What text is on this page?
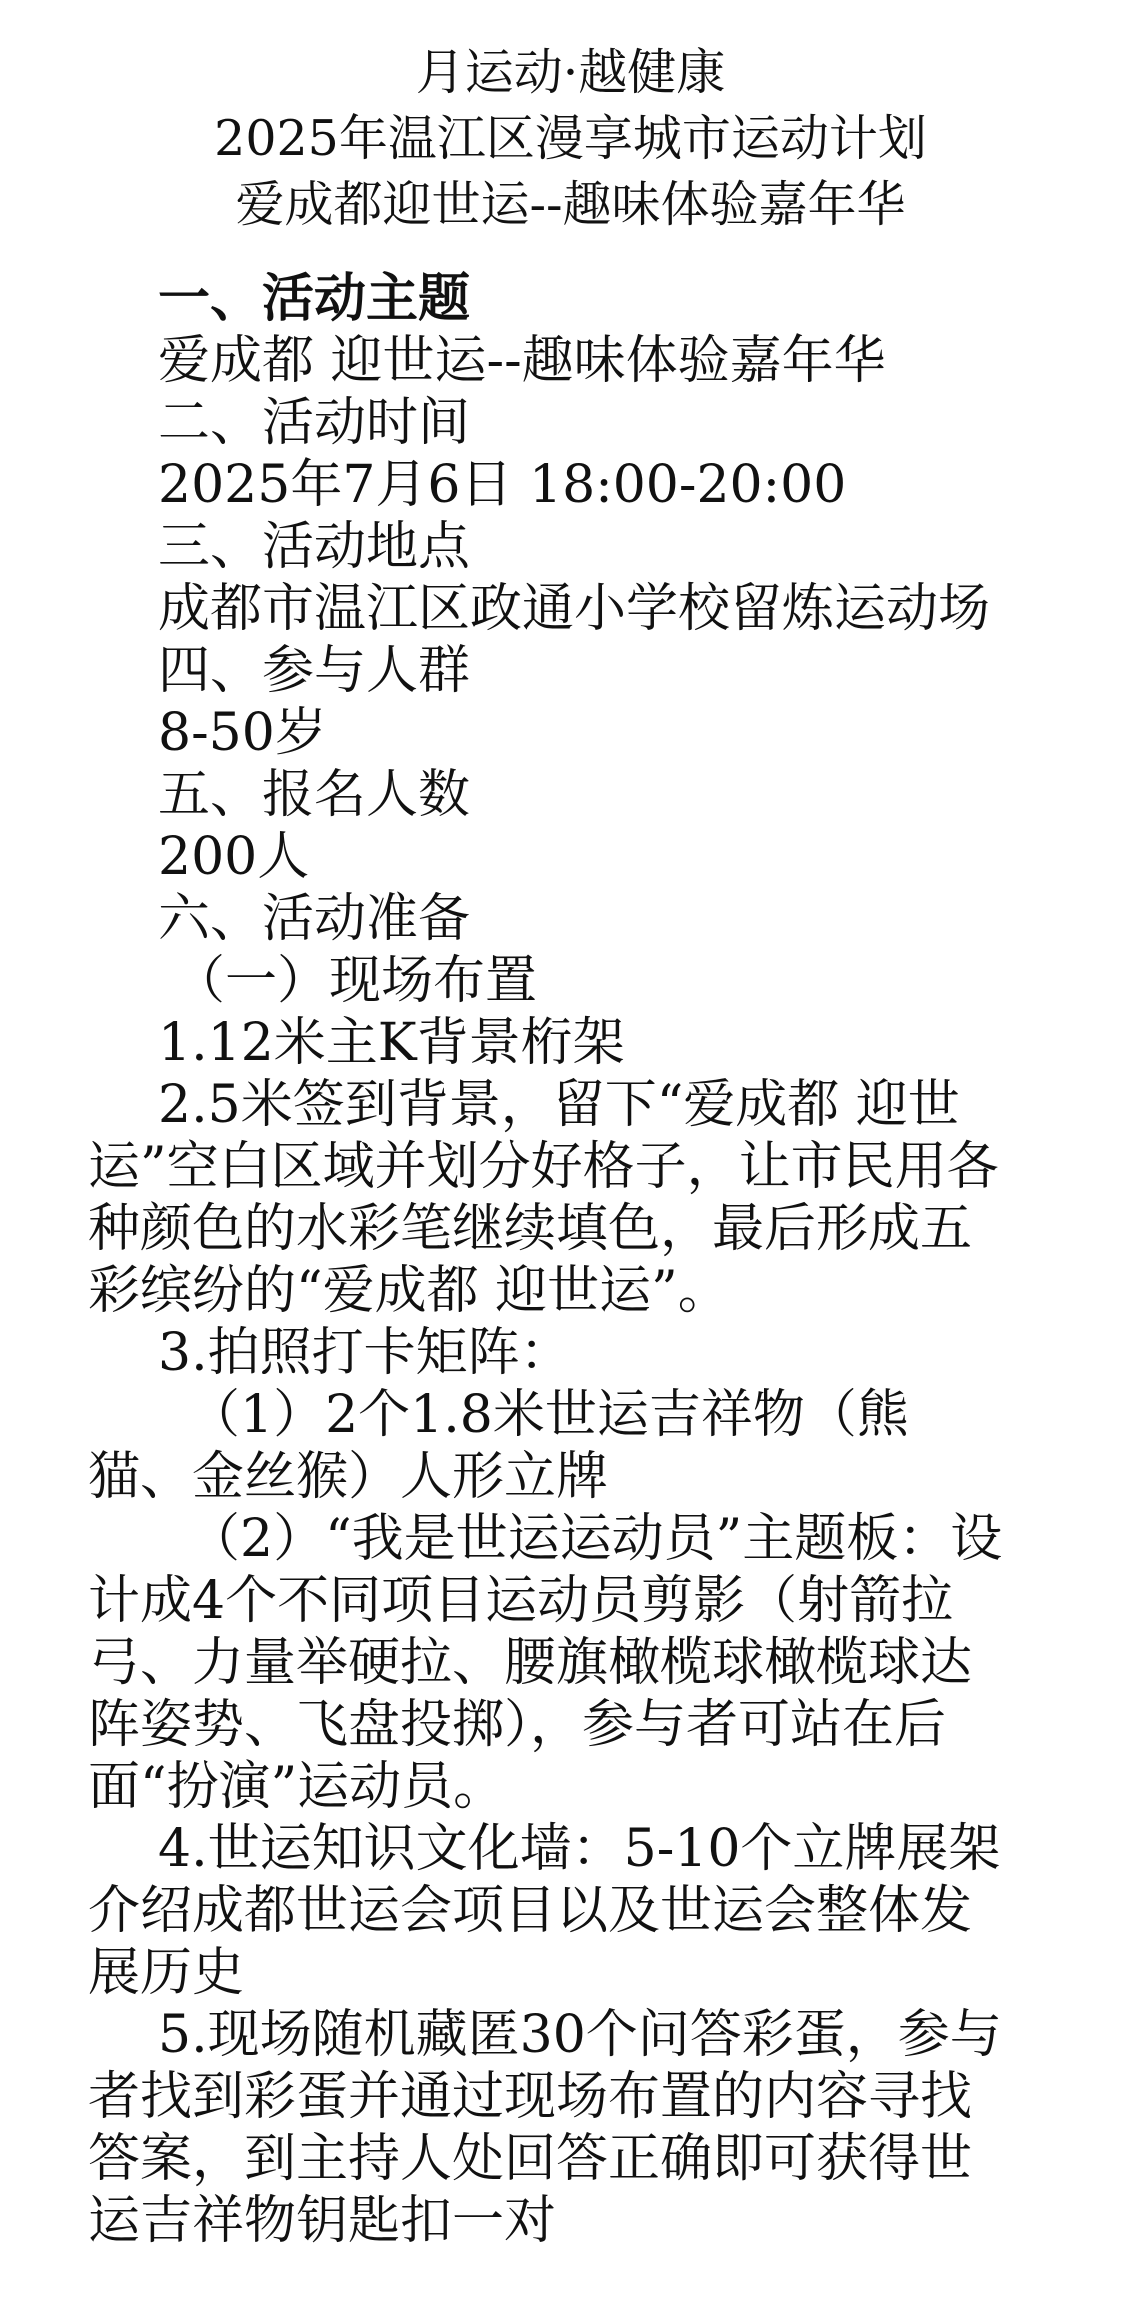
月运动·越健康
2025年温江区漫享城市运动计划
爱成都迎世运--趣味体验嘉年华

一、活动主题

爱成都 迎世运--趣味体验嘉年华

二、活动时间

2025年7月6日 18:00-20:00

三、活动地点

成都市温江区政通小学校留炼运动场

四、参与人群

8-50岁

五、报名人数

200人

六、活动准备

（一）现场布置

1.12米主K背景桁架

2.5米签到背景，留下“爱成都 迎世运”空白区域并划分好格子，让市民用各种颜色的水彩笔继续填色，最后形成五彩缤纷的“爱成都 迎世运”。

3.拍照打卡矩阵：

（1）2个1.8米世运吉祥物（熊猫、金丝猴）人形立牌

（2）“我是世运运动员”主题板：设计成4个不同项目运动员剪影（射箭拉弓、力量举硬拉、腰旗橄榄球橄榄球达阵姿势、飞盘投掷），参与者可站在后面“扮演”运动员。

4.世运知识文化墙：5-10个立牌展架介绍成都世运会项目以及世运会整体发展历史

5.现场随机藏匿30个问答彩蛋，参与者找到彩蛋并通过现场布置的内容寻找答案，到主持人处回答正确即可获得世运吉祥物钥匙扣一对
